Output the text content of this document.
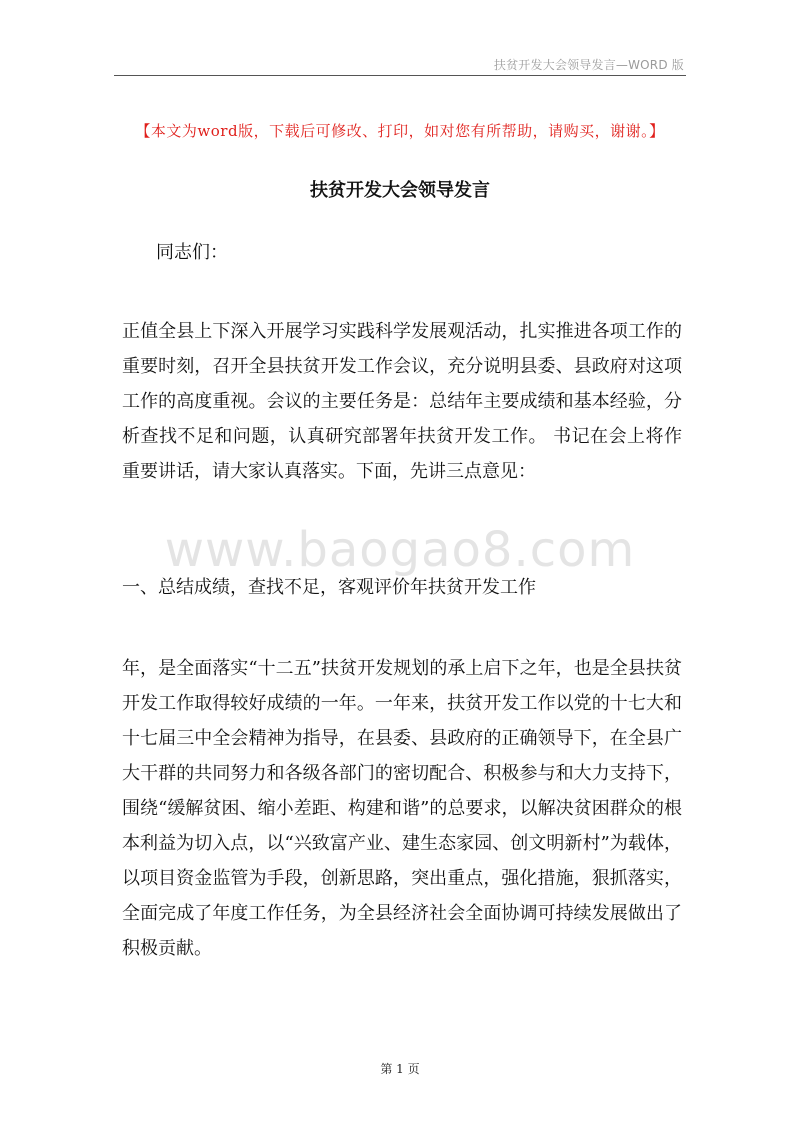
扶贫开发大会领导发言—WORD 版
【本文为word版，下载后可修改、打印，如对您有所帮助，请购买，谢谢。】
扶贫开发大会领导发言
同志们：
正值全县上下深入开展学习实践科学发展观活动，扎实推进各项工作的重要时刻，召开全县扶贫开发工作会议，充分说明县委、县政府对这项工作的高度重视。会议的主要任务是：总结年主要成绩和基本经验，分析查找不足和问题，认真研究部署年扶贫开发工作。 书记在会上将作重要讲话，请大家认真落实。下面，先讲三点意见：
www.baogao8.com
一、总结成绩，查找不足，客观评价年扶贫开发工作
年，是全面落实“十二五”扶贫开发规划的承上启下之年，也是全县扶贫开发工作取得较好成绩的一年。一年来，扶贫开发工作以党的十七大和十七届三中全会精神为指导，在县委、县政府的正确领导下，在全县广大干群的共同努力和各级各部门的密切配合、积极参与和大力支持下，围绕“缓解贫困、缩小差距、构建和谐”的总要求，以解决贫困群众的根本利益为切入点，以“兴致富产业、建生态家园、创文明新村”为载体，以项目资金监管为手段，创新思路，突出重点，强化措施，狠抓落实，全面完成了年度工作任务，为全县经济社会全面协调可持续发展做出了积极贡献。
第 1 页
